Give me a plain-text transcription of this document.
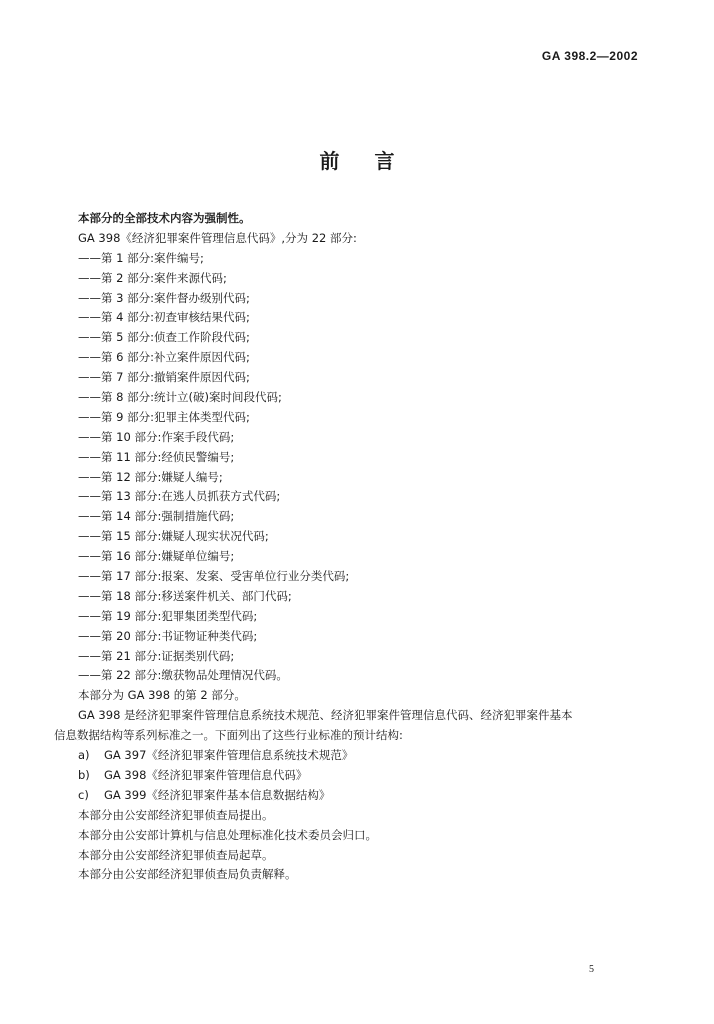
GA 398.2—2002
前 言
本部分的全部技术内容为强制性。
GA 398《经济犯罪案件管理信息代码》,分为 22 部分:
——第 1 部分:案件编号;
——第 2 部分:案件来源代码;
——第 3 部分:案件督办级别代码;
——第 4 部分:初查审核结果代码;
——第 5 部分:侦查工作阶段代码;
——第 6 部分:补立案件原因代码;
——第 7 部分:撤销案件原因代码;
——第 8 部分:统计立(破)案时间段代码;
——第 9 部分:犯罪主体类型代码;
——第 10 部分:作案手段代码;
——第 11 部分:经侦民警编号;
——第 12 部分:嫌疑人编号;
——第 13 部分:在逃人员抓获方式代码;
——第 14 部分:强制措施代码;
——第 15 部分:嫌疑人现实状况代码;
——第 16 部分:嫌疑单位编号;
——第 17 部分:报案、发案、受害单位行业分类代码;
——第 18 部分:移送案件机关、部门代码;
——第 19 部分:犯罪集团类型代码;
——第 20 部分:书证物证种类代码;
——第 21 部分:证据类别代码;
——第 22 部分:缴获物品处理情况代码。
本部分为 GA 398 的第 2 部分。
GA 398 是经济犯罪案件管理信息系统技术规范、经济犯罪案件管理信息代码、经济犯罪案件基本
信息数据结构等系列标准之一。下面列出了这些行业标准的预计结构:
a) GA 397《经济犯罪案件管理信息系统技术规范》
b) GA 398《经济犯罪案件管理信息代码》
c) GA 399《经济犯罪案件基本信息数据结构》
本部分由公安部经济犯罪侦查局提出。
本部分由公安部计算机与信息处理标准化技术委员会归口。
本部分由公安部经济犯罪侦查局起草。
本部分由公安部经济犯罪侦查局负责解释。
5
